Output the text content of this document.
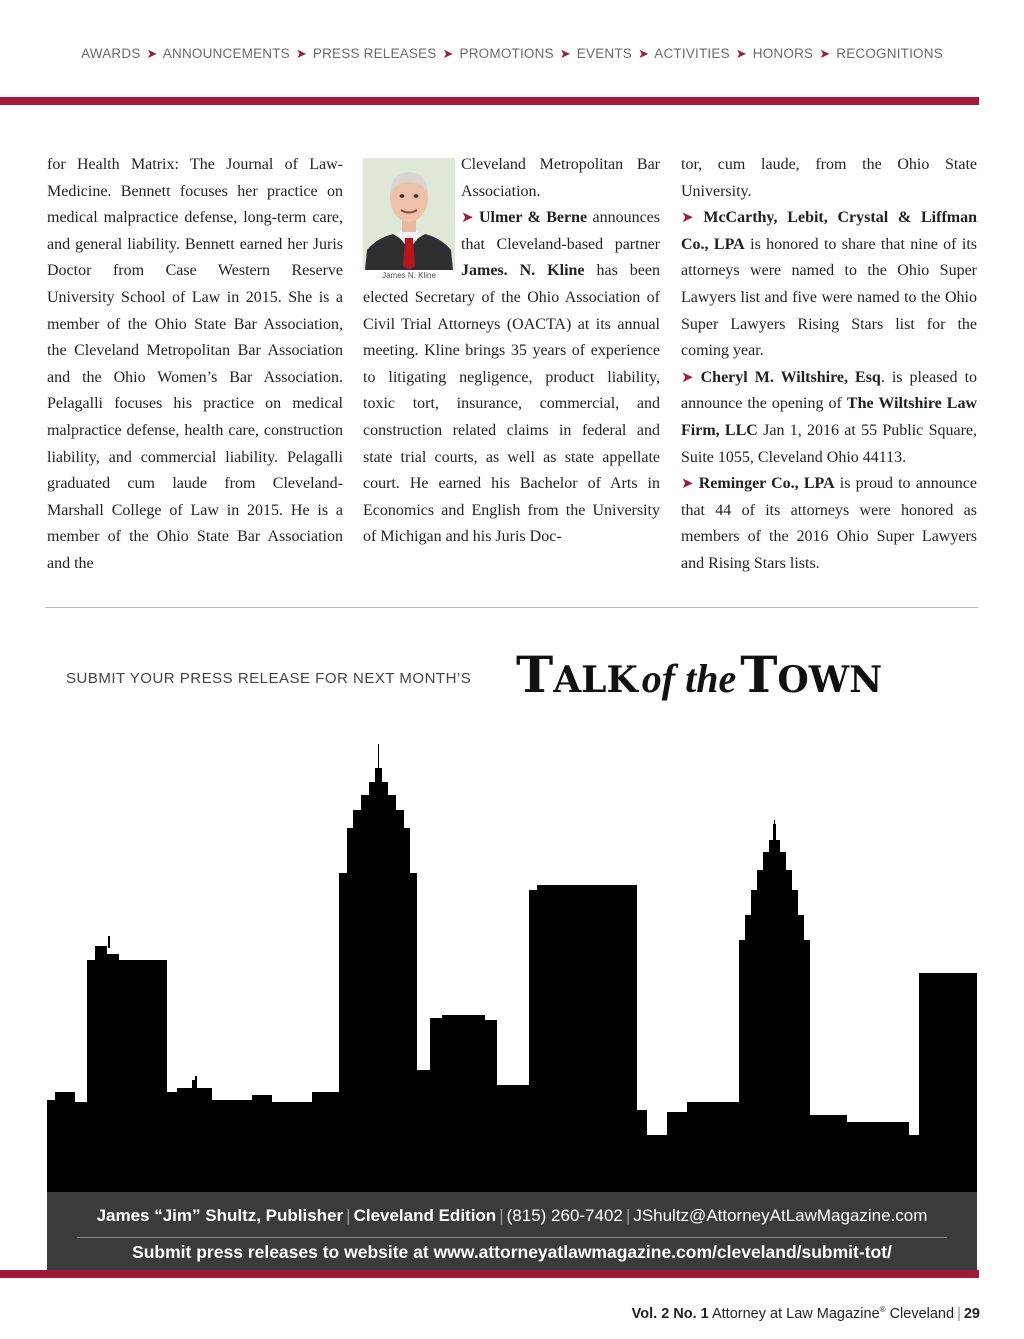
AWARDS ➤ ANNOUNCEMENTS ➤ PRESS RELEASES ➤ PROMOTIONS ➤ EVENTS ➤ ACTIVITIES ➤ HONORS ➤ RECOGNITIONS

for Health Matrix: The Journal of Law-Medicine. Bennett focuses her practice on medical malpractice defense, long-term care, and general liability. Bennett earned her Juris Doctor from Case Western Reserve University School of Law in 2015. She is a member of the Ohio State Bar Association, the Cleveland Metropolitan Bar Association and the Ohio Women’s Bar Association. Pelagalli focuses his practice on medical malpractice defense, health care, construction liability, and commercial liability. Pelagalli graduated cum laude from Cleveland-Marshall College of Law in 2015. He is a member of the Ohio State Bar Association and the

James N. Kline

Cleveland Metropolitan Bar Association.
➤ Ulmer & Berne announces that Cleveland-based partner James. N. Kline has been elected Secretary of the Ohio Association of Civil Trial Attorneys (OACTA) at its annual meeting. Kline brings 35 years of experience to litigating negligence, product liability, toxic tort, insurance, commercial, and construction related claims in federal and state trial courts, as well as state appellate court. He earned his Bachelor of Arts in Economics and English from the University of Michigan and his Juris Doc-

tor, cum laude, from the Ohio State University.
➤ McCarthy, Lebit, Crystal & Liffman Co., LPA is honored to share that nine of its attorneys were named to the Ohio Super Lawyers list and five were named to the Ohio Super Lawyers Rising Stars list for the coming year.
➤ Cheryl M. Wiltshire, Esq. is pleased to announce the opening of The Wiltshire Law Firm, LLC Jan 1, 2016 at 55 Public Square, Suite 1055, Cleveland Ohio 44113.
➤ Reminger Co., LPA is proud to announce that 44 of its attorneys were honored as members of the 2016 Ohio Super Lawyers and Rising Stars lists.

SUBMIT YOUR PRESS RELEASE FOR NEXT MONTH’S TALK of theTOWN
James “Jim” Shultz, Publisher | Cleveland Edition | (815) 260-7402 | JShultz@AttorneyAtLawMagazine.com
Submit press releases to website at www.attorneyatlawmagazine.com/cleveland/submit-tot/
Vol. 2 No. 1 Attorney at Law Magazine® Cleveland | 29
